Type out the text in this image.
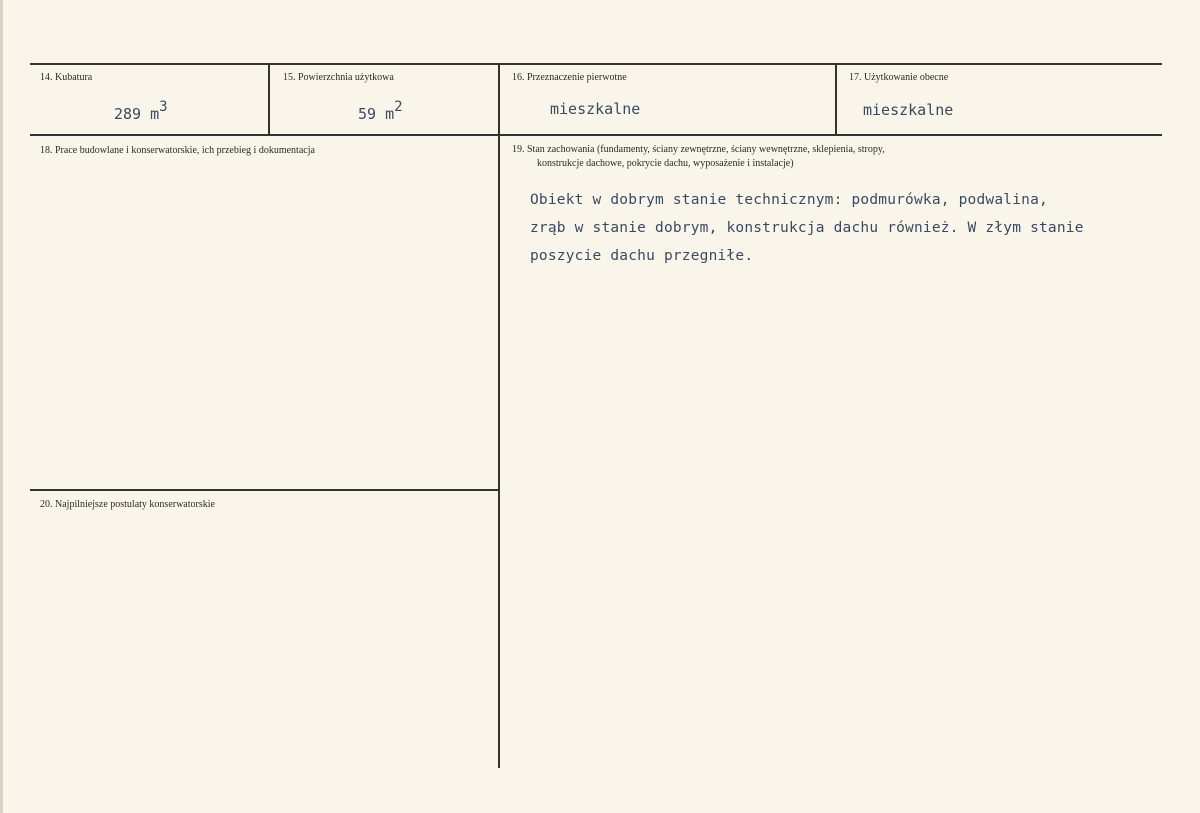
14. Kubatura
289 $m^3$
15. Powierzchnia użytkowa
59 $m^2$
16. Przeznaczenie pierwotne
mieszkalne
17. Użytkowanie obecne
mieszkalne
18. Prace budowlane i konserwatorskie, ich przebieg i dokumentacja	19. Stan zachowania (fundamenty, ściany zewnętrzne, ściany wewnętrzne, sklepienia, stropy,
konstrukcje dachowe, pokrycie dachu, wyposażenie i instalacje)
Obiekt w dobrym stanie technicznym: podmurówka, podwalina,
zrąb w stanie dobrym, konstrukcja dachu również. W złym stanie
poszycie dachu przegniłe.
20. Najpilniejsze postulaty konserwatorskie
